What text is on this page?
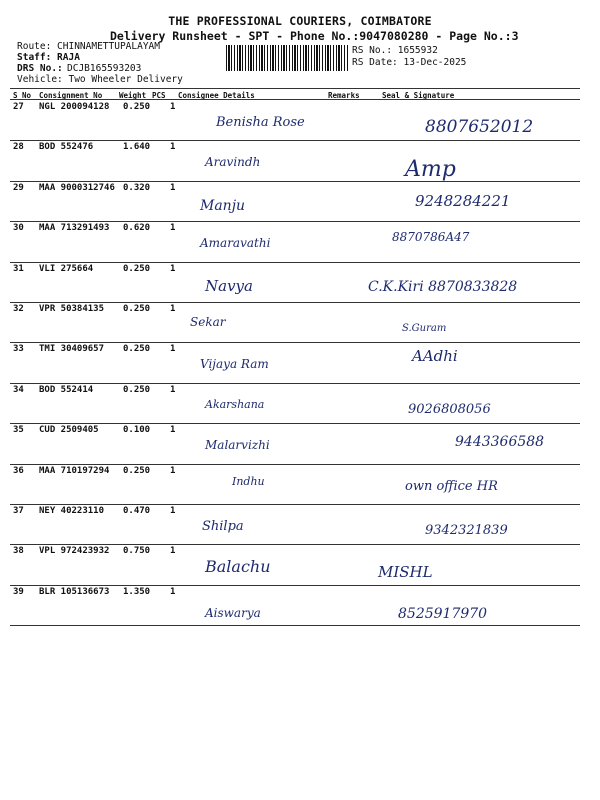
THE PROFESSIONAL COURIERS, COIMBATORE
Delivery Runsheet - SPT - Phone No.:9047080280 - Page No.:3
Route: CHINNAMETTUPALAYAM
Staff: RAJA
DRS No.: DCJB165593203
Vehicle: Two Wheeler Delivery
RS No.: 1655932
RS Date: 13-Dec-2025
S No Consignment No Weight PCS Consignee Details	Remarks	Seal & Signature
27 NGL 200094128 0.250 1
Benisha Rose	8807652012
28 BOD 552476	1.640 1
Aravindh	Amp
29 MAA 9000312746 0.320 1
Manju	9248284221
30 MAA 713291493 0.620 1
Amaravathi	8870786A47
31 VLI 275664	0.250 1
Navya	C.K.Kiri 8870833828
32 VPR 50384135 0.250 1
Sekar	S.Guram
33 TMI 30409657 0.250 1
Vijaya Ram	AAdhi
34 BOD 552414	0.250 1
Akarshana	9026808056
35 CUD 2509405	0.100 1
Malarvizhi	9443366588
36 MAA 710197294 0.250 1
Indhu	own office HR
37 NEY 40223110 0.470 1
Shilpa	9342321839
38 VPL 972423932 0.750 1
Balachu	MISHL
39 BLR 105136673 1.350 1
Aiswarya	8525917970
